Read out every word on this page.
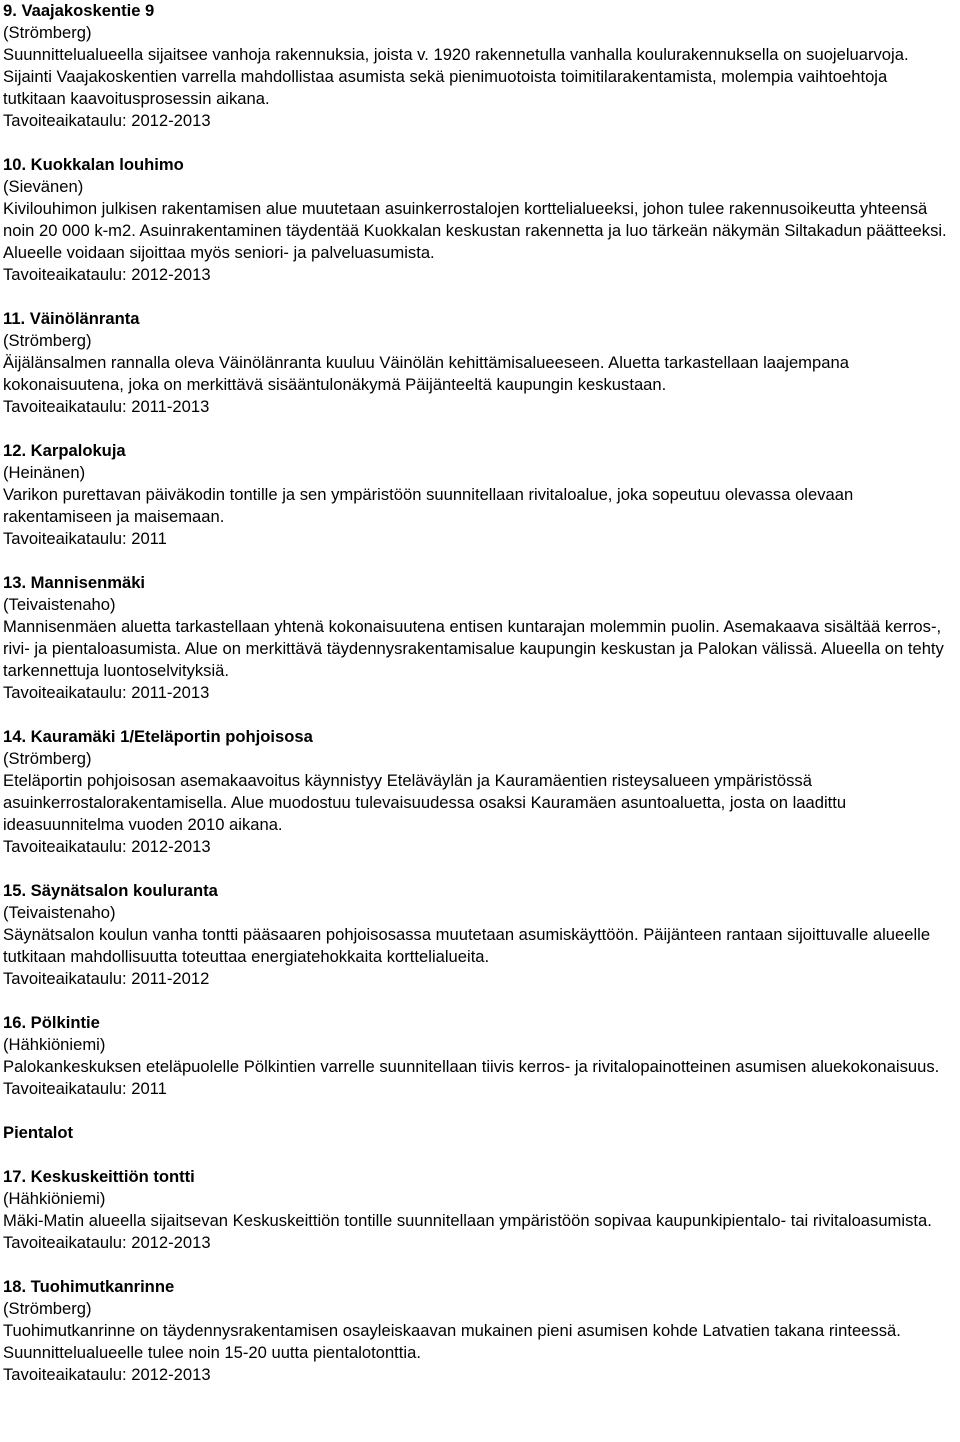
9. Vaajakoskentie 9
(Strömberg)
Suunnittelualueella sijaitsee vanhoja rakennuksia, joista v. 1920 rakennetulla vanhalla koulurakennuksella on suojeluarvoja. Sijainti Vaajakoskentien varrella mahdollistaa asumista sekä pienimuotoista toimitilarakentamista, molempia vaihtoehtoja tutkitaan kaavoitusprosessin aikana.
Tavoiteaikataulu: 2012-2013
10. Kuokkalan louhimo
(Sievänen)
Kivilouhimon julkisen rakentamisen alue muutetaan asuinkerrostalojen korttelialueeksi, johon tulee rakennusoikeutta yhteensä noin 20 000 k-m2. Asuinrakentaminen täydentää Kuokkalan keskustan rakennetta ja luo tärkeän näkymän Siltakadun päätteeksi. Alueelle voidaan sijoittaa myös seniori- ja palveluasumista.
Tavoiteaikataulu: 2012-2013
11. Väinölänranta
(Strömberg)
Äijälänsalmen rannalla oleva Väinölänranta kuuluu Väinölän kehittämisalueeseen. Aluetta tarkastellaan laajempana kokonaisuutena, joka on merkittävä sisääntulonäkymä Päijänteeltä kaupungin keskustaan.
Tavoiteaikataulu: 2011-2013
12. Karpalokuja
(Heinänen)
Varikon purettavan päiväkodin tontille ja sen ympäristöön suunnitellaan rivitaloalue, joka sopeutuu olevassa olevaan rakentamiseen ja maisemaan.
Tavoiteaikataulu: 2011
13. Mannisenmäki
(Teivaistenaho)
Mannisenmäen aluetta tarkastellaan yhtenä kokonaisuutena entisen kuntarajan molemmin puolin. Asemakaava sisältää kerros-, rivi- ja pientaloasumista. Alue on merkittävä täydennysrakentamisalue kaupungin keskustan ja Palokan välissä. Alueella on tehty tarkennettuja luontoselvityksiä.
Tavoiteaikataulu: 2011-2013
14. Kauramäki 1/Eteläportin pohjoisosa
(Strömberg)
Eteläportin pohjoisosan asemakaavoitus käynnistyy Eteläväylän ja Kauramäentien risteysalueen ympäristössä asuinkerrostalorakentamisella. Alue muodostuu tulevaisuudessa osaksi Kauramäen asuntoaluetta, josta on laadittu ideasuunnitelma vuoden 2010 aikana.
Tavoiteaikataulu: 2012-2013
15. Säynätsalon kouluranta
(Teivaistenaho)
Säynätsalon koulun vanha tontti pääsaaren pohjoisosassa muutetaan asumiskäyttöön. Päijänteen rantaan sijoittuvalle alueelle tutkitaan mahdollisuutta toteuttaa energiatehokkaita korttelialueita.
Tavoiteaikataulu: 2011-2012
16. Pölkintie
(Hähkiöniemi)
Palokankeskuksen eteläpuolelle Pölkintien varrelle suunnitellaan tiivis kerros- ja rivitalopainotteinen asumisen aluekokonaisuus.
Tavoiteaikataulu: 2011
Pientalot
17. Keskuskeittiön tontti
(Hähkiöniemi)
Mäki-Matin alueella sijaitsevan Keskuskeittiön tontille suunnitellaan ympäristöön sopivaa kaupunkipientalo- tai rivitaloasumista.
Tavoiteaikataulu: 2012-2013
18. Tuohimutkanrinne
(Strömberg)
Tuohimutkanrinne on täydennysrakentamisen osayleiskaavan mukainen pieni asumisen kohde Latvatien takana rinteessä. Suunnittelualueelle tulee noin 15-20 uutta pientalotonttia.
Tavoiteaikataulu: 2012-2013
